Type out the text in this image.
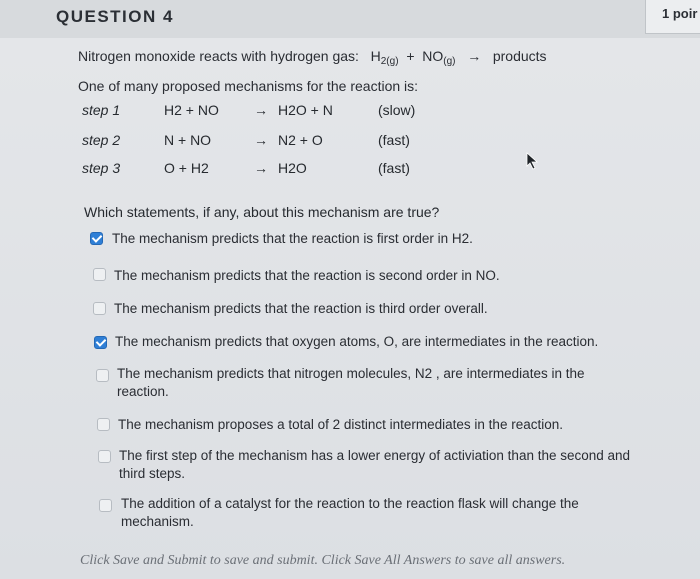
QUESTION 4	1 poir
Nitrogen monoxide reacts with hydrogen gas: $H_{2(g)} + NO_{(g)}$ → products
One of many proposed mechanisms for the reaction is:
step 1	H2 + NO	→ H2O + N	(slow)
step 2	N + NO	→ N2 + O	(fast)
step 3	O + H2	→ H2O	(fast)
Which statements, if any, about this mechanism are true?
The mechanism predicts that the reaction is first order in H2.
The mechanism predicts that the reaction is second order in NO.
The mechanism predicts that the reaction is third order overall.
The mechanism predicts that oxygen atoms, O, are intermediates in the reaction.
The mechanism predicts that nitrogen molecules, N2 , are intermediates in the reaction.
The mechanism proposes a total of 2 distinct intermediates in the reaction.
The first step of the mechanism has a lower energy of activiation than the second and third steps.
The addition of a catalyst for the reaction to the reaction flask will change the mechanism.
Click Save and Submit to save and submit. Click Save All Answers to save all answers.
